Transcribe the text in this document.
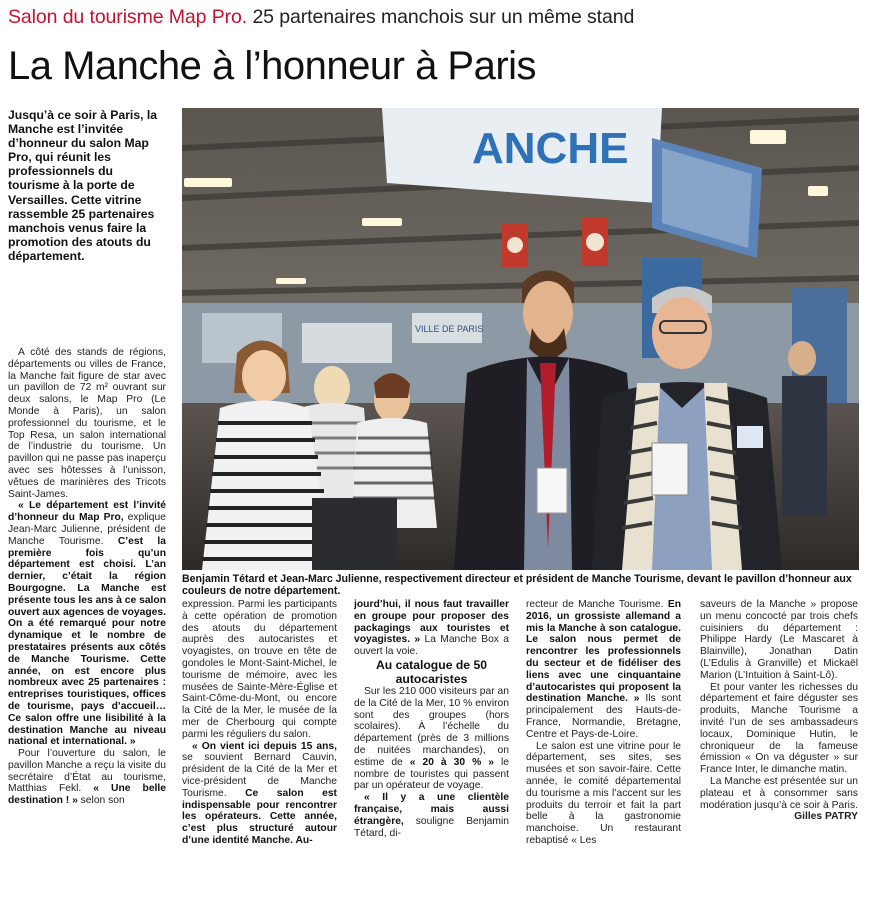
Salon du tourisme Map Pro. 25 partenaires manchois sur un même stand
La Manche à l’honneur à Paris
Jusqu’à ce soir à Paris, la Manche est l’invitée d’honneur du salon Map Pro, qui réunit les professionnels du tourisme à la porte de Versailles. Cette vitrine rassemble 25 partenaires manchois venus faire la promotion des atouts du département.
ANCHE
VILLE DE PARIS
Benjamin Tétard et Jean-Marc Julienne, respectivement directeur et président de Manche Tourisme, devant le pavillon d’honneur aux couleurs de notre département.

À côté des stands de régions, départements ou villes de France, la Manche fait figure de star avec un pavillon de 72 m² ouvrant sur deux salons, le Map Pro (Le Monde à Paris), un salon professionnel du tourisme, et le Top Resa, un salon international de l’industrie du tourisme. Un pavillon qui ne passe pas inaperçu avec ses hôtesses à l’unisson, vêtues de marinières des Tricots Saint-James.

« Le département est l’invité d’honneur du Map Pro, explique Jean-Marc Julienne, président de Manche Tourisme. C’est la première fois qu’un département est choisi. L’an dernier, c’était la région Bourgogne. La Manche est présente tous les ans à ce salon ouvert aux agences de voyages. On a été remarqué pour notre dynamique et le nombre de prestataires présents aux côtés de Manche Tourisme. Cette année, on est encore plus nombreux avec 25 partenaires : entreprises touristiques, offices de tourisme, pays d’accueil… Ce salon offre une lisibilité à la destination Manche au niveau national et international. »

Pour l’ouverture du salon, le pavillon Manche a reçu la visite du secrétaire d’État au tourisme, Matthias Fekl. « Une belle destination ! » selon son

expression. Parmi les participants à cette opération de promotion des atouts du département auprès des autocaristes et voyagistes, on trouve en tête de gondoles le Mont-Saint-Michel, le tourisme de mémoire, avec les musées de Sainte-Mère-Église et Saint-Côme-du-Mont, ou encore la Cité de la Mer, le musée de la mer de Cherbourg qui compte parmi les réguliers du salon.

« On vient ici depuis 15 ans, se souvient Bernard Cauvin, président de la Cité de la Mer et vice-président de Manche Tourisme. Ce salon est indispensable pour rencontrer les opérateurs. Cette année, c’est plus structuré autour d’une identité Manche. Au-

jourd’hui, il nous faut travailler en groupe pour proposer des packagings aux touristes et voyagistes. » La Manche Box a ouvert la voie.

Au catalogue de 50 autocaristes

Sur les 210 000 visiteurs par an de la Cité de la Mer, 10 % environ sont des groupes (hors scolaires). À l’échelle du département (près de 3 millions de nuitées marchandes), on estime de « 20 à 30 % » le nombre de touristes qui passent par un opérateur de voyage.

« Il y a une clientèle française, mais aussi étrangère, souligne Benjamin Tétard, di-

recteur de Manche Tourisme. En 2016, un grossiste allemand a mis la Manche à son catalogue. Le salon nous permet de rencontrer les professionnels du secteur et de fidéliser des liens avec une cinquantaine d’autocaristes qui proposent la destination Manche. » Ils sont principalement des Hauts-de-France, Normandie, Bretagne, Centre et Pays-de-Loire.

Le salon est une vitrine pour le département, ses sites, ses musées et son savoir-faire. Cette année, le comité départemental du tourisme a mis l’accent sur les produits du terroir et fait la part belle à la gastronomie manchoise. Un restaurant rebaptisé « Les

saveurs de la Manche » propose un menu concocté par trois chefs cuisiniers du département : Philippe Hardy (Le Mascaret à Blainville), Jonathan Datin (L’Edulis à Granville) et Mickaël Marion (L’Intuition à Saint-Lô).

Et pour vanter les richesses du département et faire déguster ses produits, Manche Tourisme a invité l’un de ses ambassadeurs locaux, Dominique Hutin, le chroniqueur de la fameuse émission « On va déguster » sur France Inter, le dimanche matin.

La Manche est présentée sur un plateau et à consommer sans modération jusqu’à ce soir à Paris.

Gilles PATRY
